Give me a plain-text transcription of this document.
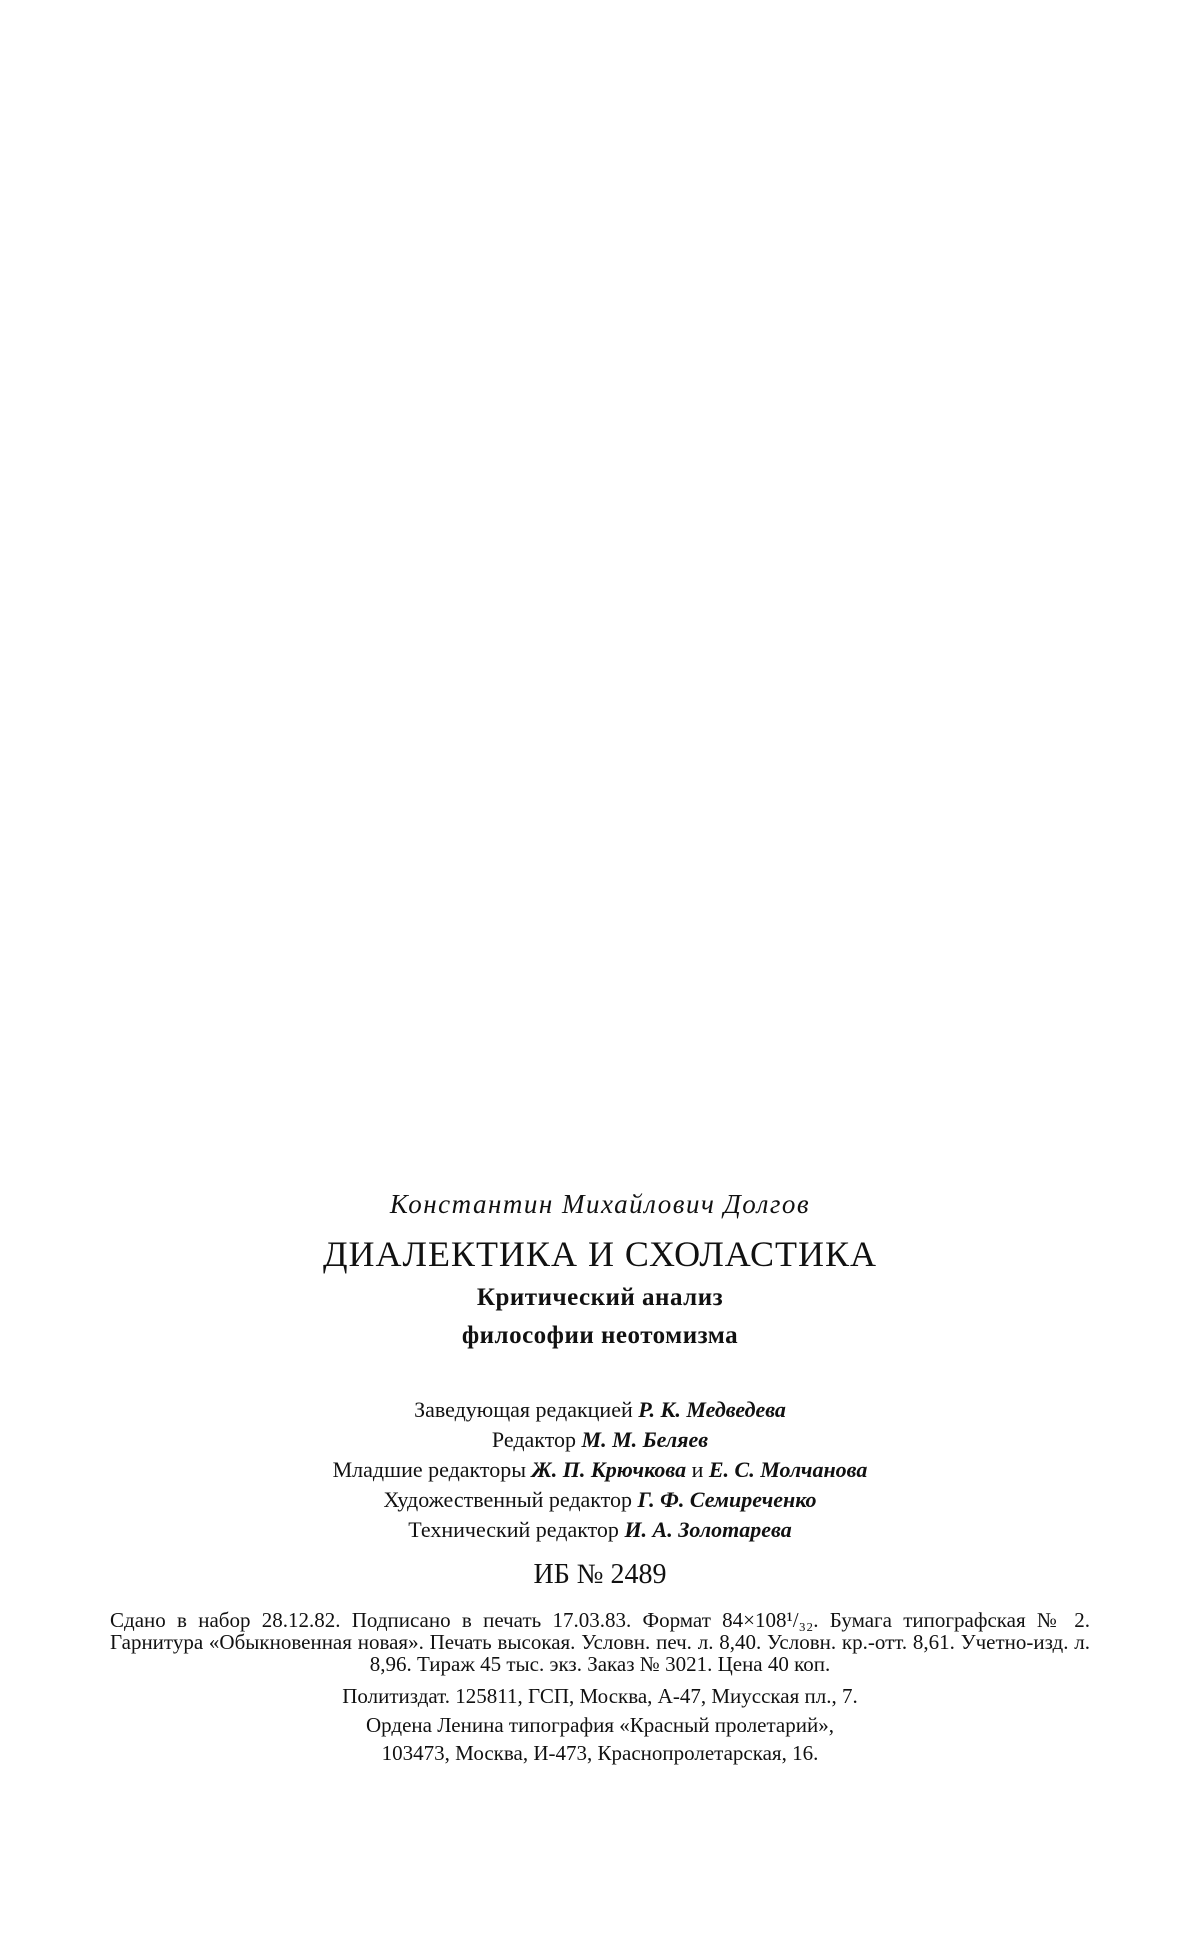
Константин Михайлович Долгов
ДИАЛЕКТИКА И СХОЛАСТИКА
Критический анализ
философии неотомизма
Заведующая редакцией Р. К. Медведева
Редактор М. М. Беляев
Младшие редакторы Ж. П. Крючкова и Е. С. Молчанова
Художественный редактор Г. Ф. Семиреченко
Технический редактор И. А. Золотарева
ИБ № 2489
Сдано в набор 28.12.82. Подписано в печать 17.03.83. Формат 84×108¹/₃₂. Бумага типографская № 2. Гарнитура «Обыкновенная новая». Печать высокая. Условн. печ. л. 8,40. Условн. кр.-отт. 8,61. Учетно-изд. л. 8,96. Тираж 45 тыс. экз. Заказ № 3021. Цена 40 коп.
Политиздат. 125811, ГСП, Москва, А-47, Миусская пл., 7.
Ордена Ленина типография «Красный пролетарий»,
103473, Москва, И-473, Краснопролетарская, 16.
